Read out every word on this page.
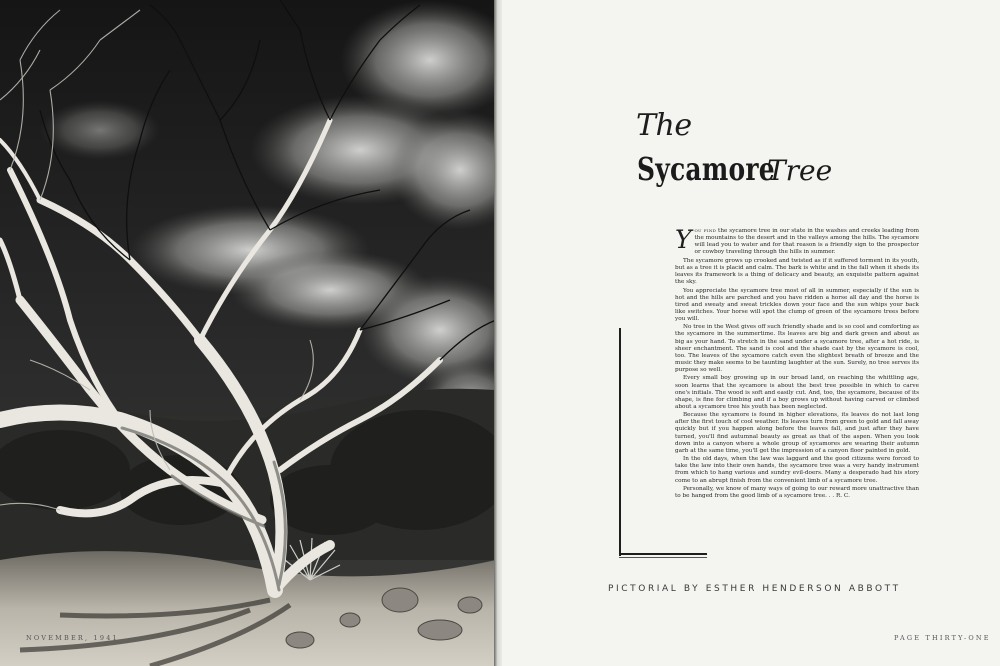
The
Sycamore
Tree

You find the sycamore tree in our state in the washes and creeks leading from the mountains to the desert and in the valleys among the hills. The sycamore will lead you to water and for that reason is a friendly sign to the prospector or cowboy traveling through the hills in summer.

The sycamore grows up crooked and twisted as if it suffered torment in its youth, but as a tree it is placid and calm. The bark is white and in the fall when it sheds its leaves its framework is a thing of delicacy and beauty, an exquisite pattern against the sky.

You appreciate the sycamore tree most of all in summer, especially if the sun is hot and the hills are parched and you have ridden a horse all day and the horse is tired and sweaty and sweat trickles down your face and the sun whips your back like switches. Your horse will spot the clump of green of the sycamore trees before you will.

No tree in the West gives off such friendly shade and is so cool and comforting as the sycamore in the summertime. Its leaves are big and dark green and about as big as your hand. To stretch in the sand under a sycamore tree, after a hot ride, is sheer enchantment. The sand is cool and the shade cast by the sycamore is cool, too. The leaves of the sycamore catch even the slightest breath of breeze and the music they make seems to be taunting laughter at the sun. Surely, no tree serves its purpose so well.

Every small boy growing up in our broad land, on reaching the whittling age, soon learns that the sycamore is about the best tree possible in which to carve one's initials. The wood is soft and easily cut. And, too, the sycamore, because of its shape, is fine for climbing and if a boy grows up without having carved or climbed about a sycamore tree his youth has been neglected.

Because the sycamore is found in higher elevations, its leaves do not last long after the first touch of cool weather. Its leaves turn from green to gold and fall away quickly but if you happen along before the leaves fall, and just after they have turned, you'll find autumnal beauty as great as that of the aspen. When you look down into a canyon where a whole group of sycamores are wearing their autumn garb at the same time, you'll get the impression of a canyon floor painted in gold.

In the old days, when the law was laggard and the good citizens were forced to take the law into their own hands, the sycamore tree was a very handy instrument from which to hang various and sundry evil-doers. Many a desperado had his story come to an abrupt finish from the convenient limb of a sycamore tree.

Personally, we know of many ways of going to our reward more unattractive than to be hanged from the good limb of a sycamore tree. . . R. C.

PICTORIAL BY ESTHER HENDERSON ABBOTT
NOVEMBER, 1941	PAGE THIRTY-ONE
